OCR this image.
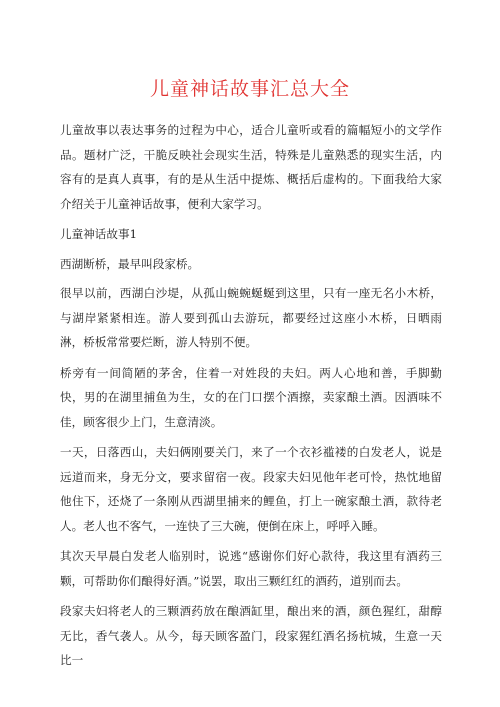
儿童神话故事汇总大全

儿童故事以表达事务的过程为中心，适合儿童听或看的篇幅短小的文学作品。题材广泛，干脆反映社会现实生活，特殊是儿童熟悉的现实生活，内容有的是真人真事，有的是从生活中提炼、概括后虚构的。下面我给大家介绍关于儿童神话故事，便利大家学习。

儿童神话故事1

西湖断桥，最早叫段家桥。

很早以前，西湖白沙堤，从孤山蜿蜿蜒蜒到这里，只有一座无名小木桥，与湖岸紧紧相连。游人要到孤山去游玩，都要经过这座小木桥，日晒雨淋，桥板常常要烂断，游人特别不便。

桥旁有一间简陋的茅舍，住着一对姓段的夫妇。两人心地和善，手脚勤快，男的在湖里捕鱼为生，女的在门口摆个酒擦，卖家酿土酒。因酒味不佳，顾客很少上门，生意清淡。

一天，日落西山，夫妇俩刚要关门，来了一个衣衫褴褛的白发老人，说是远道而来，身无分文，要求留宿一夜。段家夫妇见他年老可怜，热忱地留他住下，还烧了一条刚从西湖里捕来的鲤鱼，打上一碗家酿土酒，款待老人。老人也不客气，一连快了三大碗，便倒在床上，呼呼入睡。

其次天早晨白发老人临别时，说逃“感谢你们好心款待，我这里有酒药三颗，可帮助你们酿得好酒。”说罢，取出三颗红红的酒药，道别而去。

段家夫妇将老人的三颗酒药放在酿酒缸里，酿出来的酒，颜色猩红，甜醇无比，香气袭人。从今，每天顾客盈门，段家猩红酒名扬杭城，生意一天比一
